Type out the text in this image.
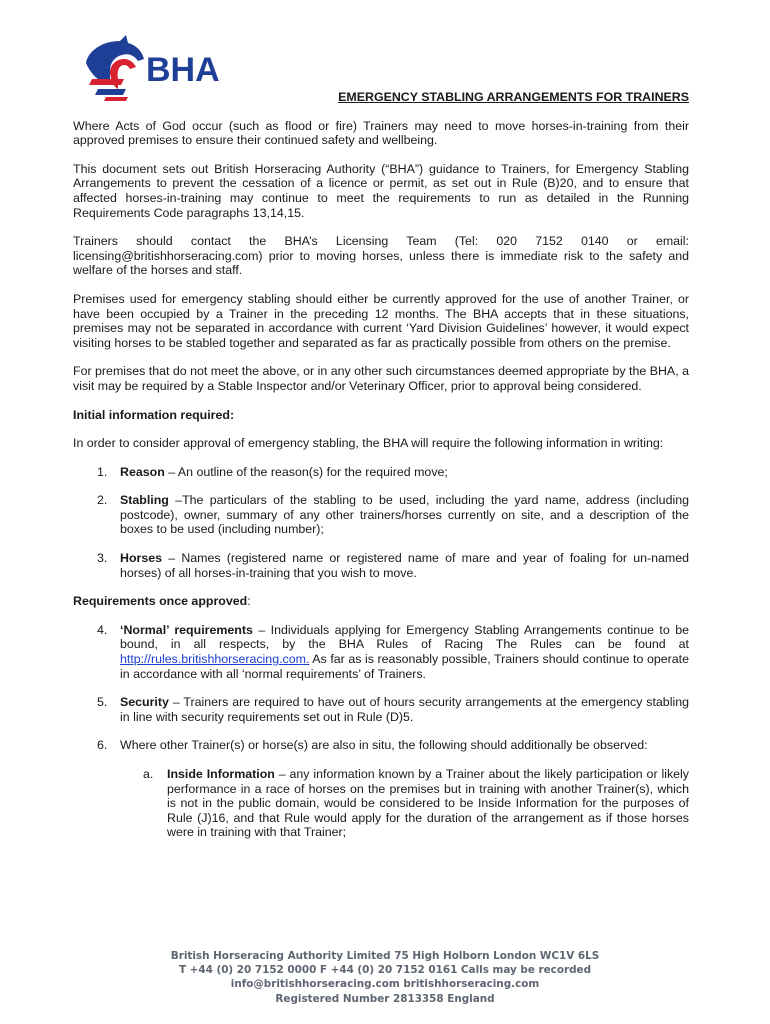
BHA
EMERGENCY STABLING ARRANGEMENTS FOR TRAINERS
Where Acts of God occur (such as flood or fire) Trainers may need to move horses-in-training from their approved premises to ensure their continued safety and wellbeing.
This document sets out British Horseracing Authority (“BHA”) guidance to Trainers, for Emergency Stabling Arrangements to prevent the cessation of a licence or permit, as set out in Rule (B)20, and to ensure that affected horses-in-training may continue to meet the requirements to run as detailed in the Running Requirements Code paragraphs 13,14,15.
Trainers should contact the BHA’s Licensing Team (Tel: 020 7152 0140 or email: licensing@britishhorseracing.com) prior to moving horses, unless there is immediate risk to the safety and welfare of the horses and staff.
Premises used for emergency stabling should either be currently approved for the use of another Trainer, or have been occupied by a Trainer in the preceding 12 months. The BHA accepts that in these situations, premises may not be separated in accordance with current ‘Yard Division Guidelines’ however, it would expect visiting horses to be stabled together and separated as far as practically possible from others on the premise.
For premises that do not meet the above, or in any other such circumstances deemed appropriate by the BHA, a visit may be required by a Stable Inspector and/or Veterinary Officer, prior to approval being considered.
Initial information required:
In order to consider approval of emergency stabling, the BHA will require the following information in writing:
1. Reason – An outline of the reason(s) for the required move;
2. Stabling –The particulars of the stabling to be used, including the yard name, address (including postcode), owner, summary of any other trainers/horses currently on site, and a description of the boxes to be used (including number);
3. Horses – Names (registered name or registered name of mare and year of foaling for un-named horses) of all horses-in-training that you wish to move.
Requirements once approved:
4. ‘Normal’ requirements – Individuals applying for Emergency Stabling Arrangements continue to be bound, in all respects, by the BHA Rules of Racing The Rules can be found at http://rules.britishhorseracing.com. As far as is reasonably possible, Trainers should continue to operate in accordance with all ‘normal requirements’ of Trainers.
5. Security – Trainers are required to have out of hours security arrangements at the emergency stabling in line with security requirements set out in Rule (D)5.
6. Where other Trainer(s) or horse(s) are also in situ, the following should additionally be observed:
a. Inside Information – any information known by a Trainer about the likely participation or likely performance in a race of horses on the premises but in training with another Trainer(s), which is not in the public domain, would be considered to be Inside Information for the purposes of Rule (J)16, and that Rule would apply for the duration of the arrangement as if those horses were in training with that Trainer;
British Horseracing Authority Limited 75 High Holborn London WC1V 6LS
T +44 (0) 20 7152 0000 F +44 (0) 20 7152 0161 Calls may be recorded
info@britishhorseracing.com britishhorseracing.com
Registered Number 2813358 England
